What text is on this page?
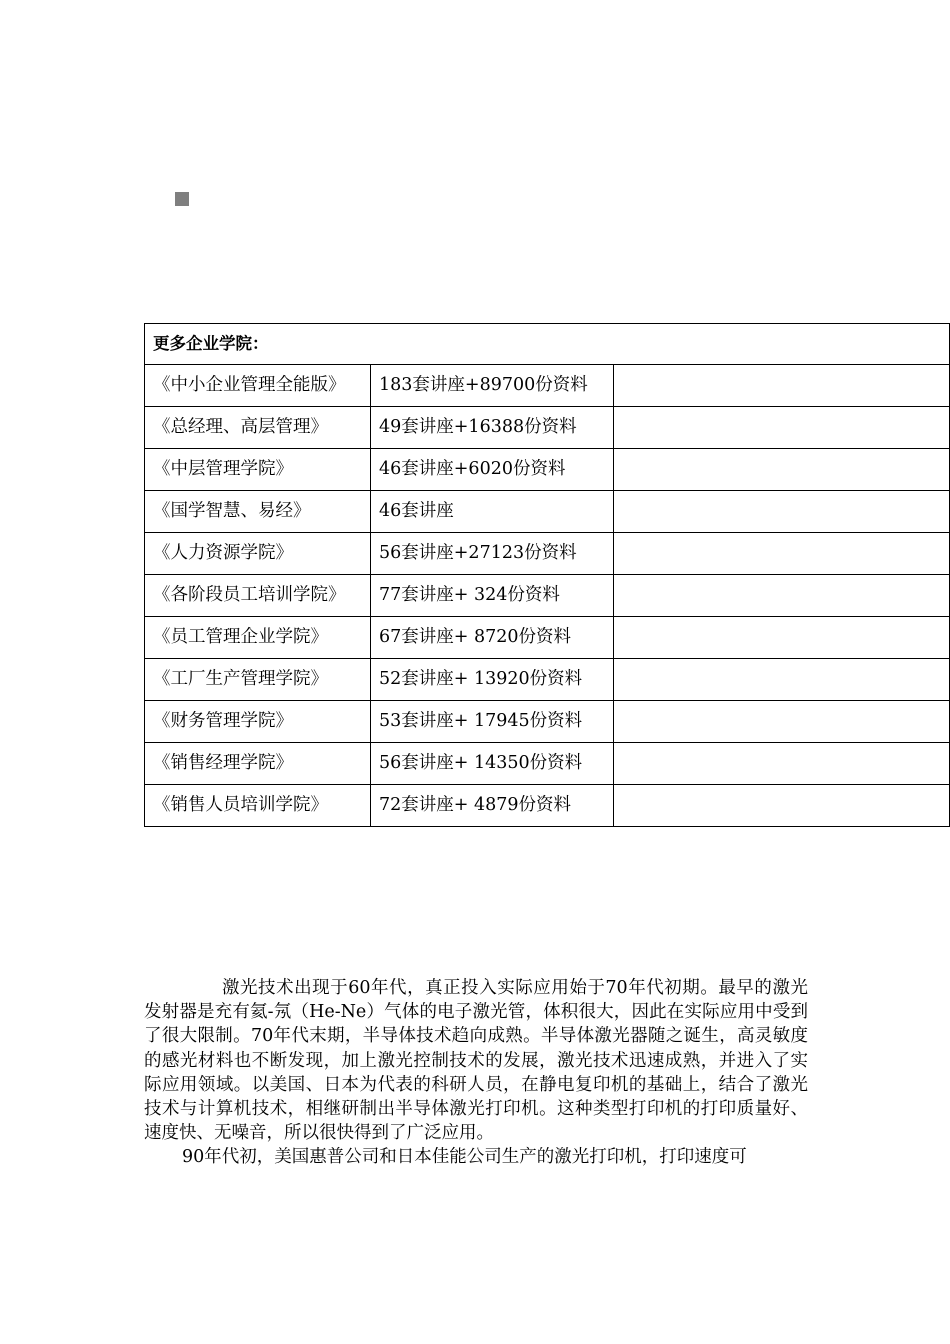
更多企业学院：		
《中小企业管理全能版》	183套讲座+89700份资料	
《总经理、高层管理》	49套讲座+16388份资料	
《中层管理学院》	46套讲座+6020份资料	
《国学智慧、易经》	46套讲座	
《人力资源学院》	56套讲座+27123份资料	
《各阶段员工培训学院》	77套讲座+ 324份资料	
《员工管理企业学院》	67套讲座+ 8720份资料	
《工厂生产管理学院》	52套讲座+ 13920份资料	
《财务管理学院》	53套讲座+ 17945份资料	
《销售经理学院》	56套讲座+ 14350份资料	
《销售人员培训学院》	72套讲座+ 4879份资料	

激光技术出现于60年代，真正投入实际应用始于70年代初期。最早的激光发射器是充有氦-氖（He-Ne）气体的电子激光管，体积很大，因此在实际应用中受到了很大限制。70年代末期，半导体技术趋向成熟。半导体激光器随之诞生，高灵敏度的感光材料也不断发现，加上激光控制技术的发展，激光技术迅速成熟，并进入了实际应用领域。以美国、日本为代表的科研人员，在静电复印机的基础上，结合了激光技术与计算机技术，相继研制出半导体激光打印机。这种类型打印机的打印质量好、速度快、无噪音，所以很快得到了广泛应用。

90年代初，美国惠普公司和日本佳能公司生产的激光打印机，打印速度可
